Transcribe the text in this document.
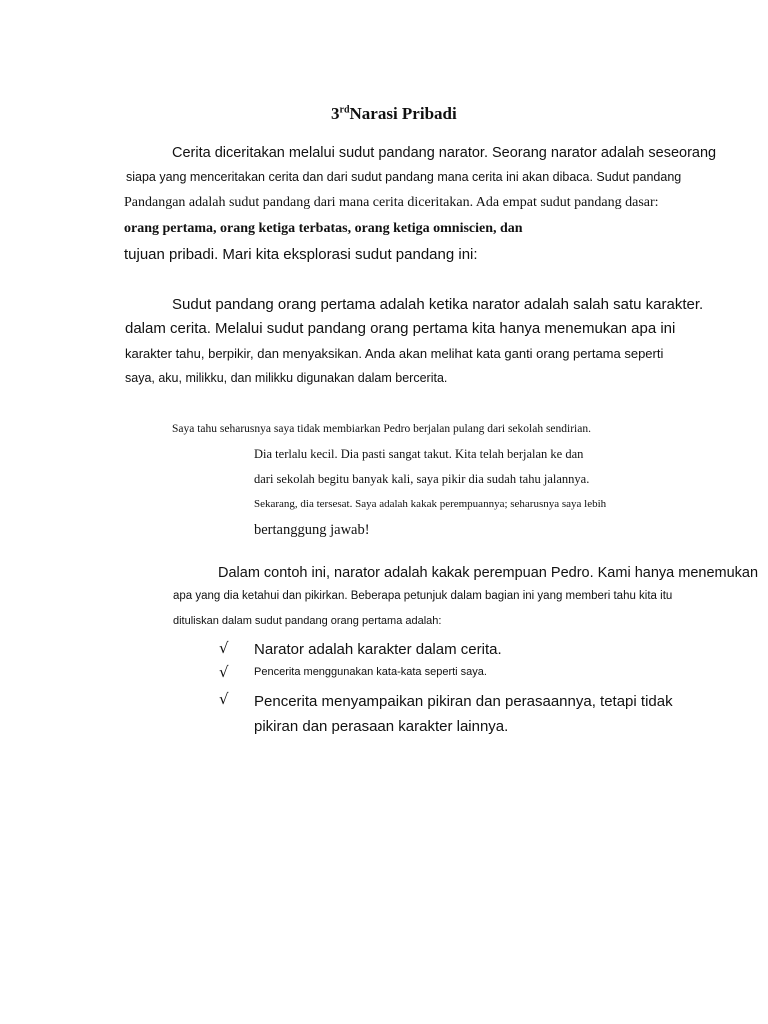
3rdNarasi Pribadi
Cerita diceritakan melalui sudut pandang narator. Seorang narator adalah seseorang
siapa yang menceritakan cerita dan dari sudut pandang mana cerita ini akan dibaca. Sudut pandang
Pandangan adalah sudut pandang dari mana cerita diceritakan. Ada empat sudut pandang dasar:
orang pertama, orang ketiga terbatas, orang ketiga omniscien, dan
tujuan pribadi. Mari kita eksplorasi sudut pandang ini:
Sudut pandang orang pertama adalah ketika narator adalah salah satu karakter.
dalam cerita. Melalui sudut pandang orang pertama kita hanya menemukan apa ini
karakter tahu, berpikir, dan menyaksikan. Anda akan melihat kata ganti orang pertama seperti
saya, aku, milikku, dan milikku digunakan dalam bercerita.
Saya tahu seharusnya saya tidak membiarkan Pedro berjalan pulang dari sekolah sendirian.
Dia terlalu kecil. Dia pasti sangat takut. Kita telah berjalan ke dan
dari sekolah begitu banyak kali, saya pikir dia sudah tahu jalannya.
Sekarang, dia tersesat. Saya adalah kakak perempuannya; seharusnya saya lebih
bertanggung jawab!
Dalam contoh ini, narator adalah kakak perempuan Pedro. Kami hanya menemukan
apa yang dia ketahui dan pikirkan. Beberapa petunjuk dalam bagian ini yang memberi tahu kita itu
dituliskan dalam sudut pandang orang pertama adalah:
√ Narator adalah karakter dalam cerita.
√ Pencerita menggunakan kata-kata seperti saya.
√ Pencerita menyampaikan pikiran dan perasaannya, tetapi tidak
pikiran dan perasaan karakter lainnya.
